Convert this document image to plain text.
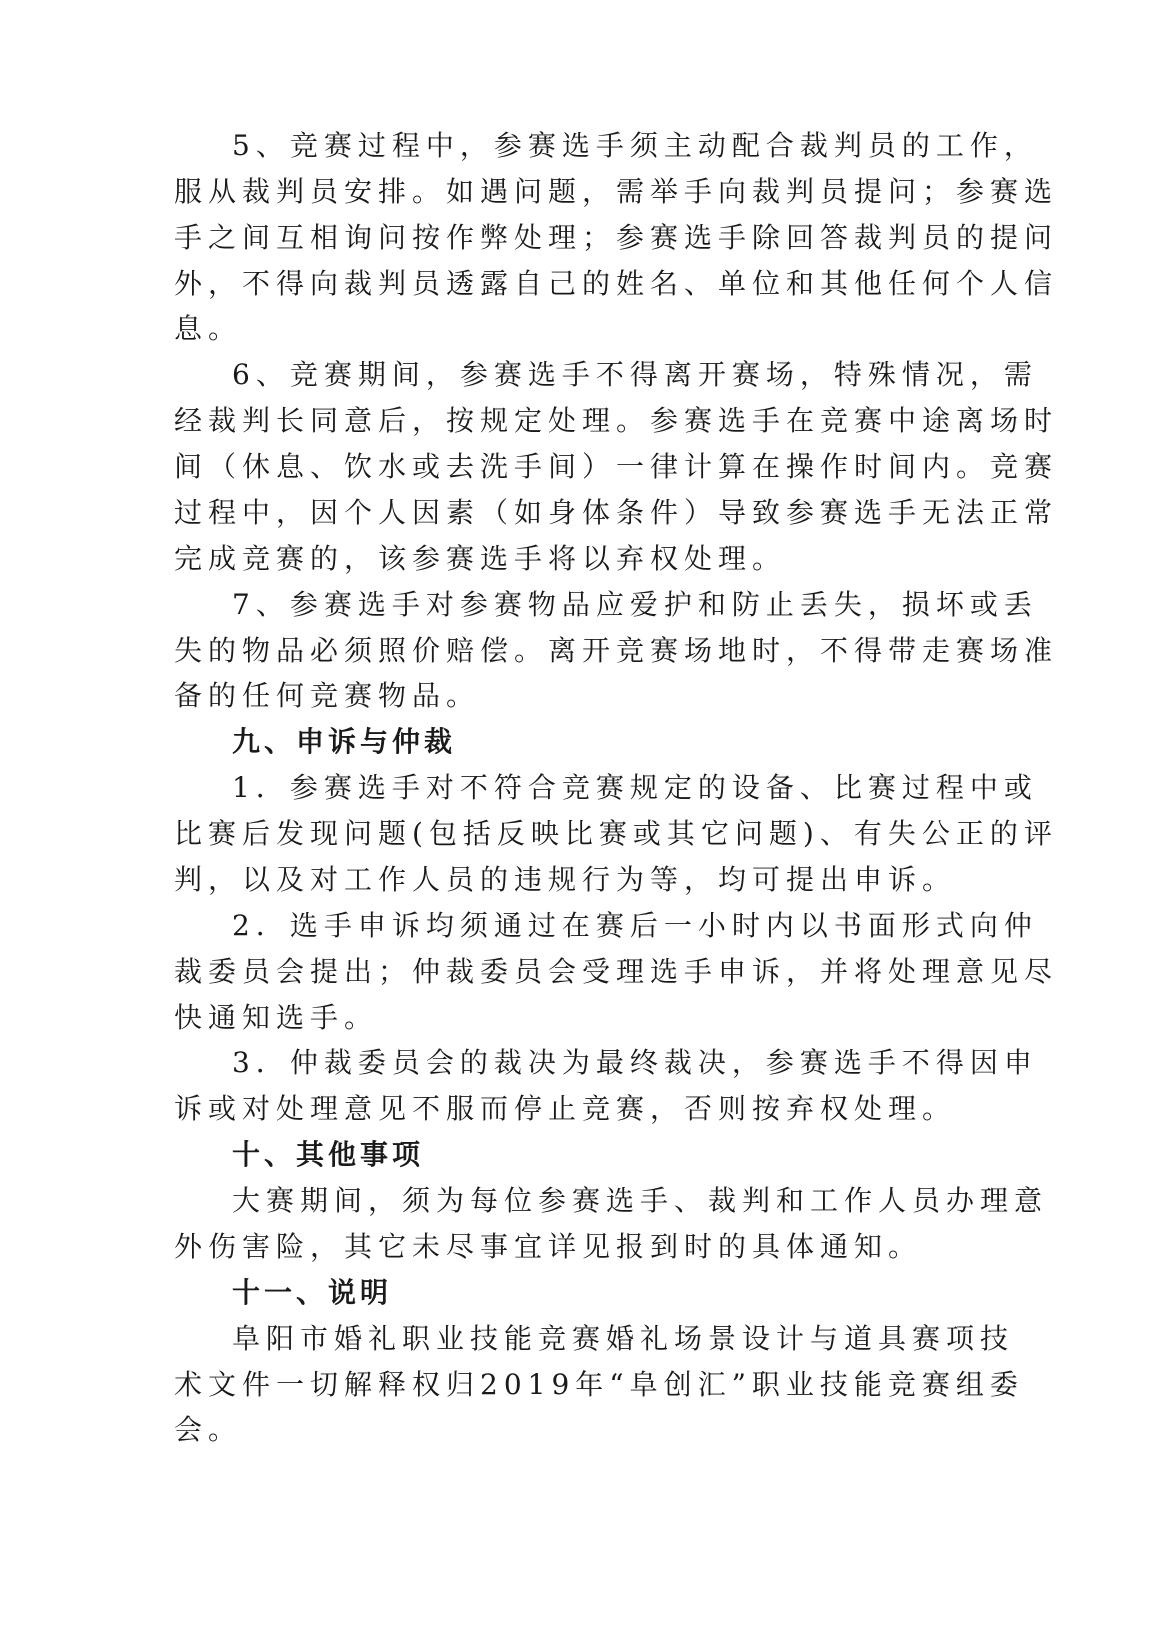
5、竞赛过程中，参赛选手须主动配合裁判员的工作，
服从裁判员安排。如遇问题，需举手向裁判员提问；参赛选
手之间互相询问按作弊处理；参赛选手除回答裁判员的提问
外，不得向裁判员透露自己的姓名、单位和其他任何个人信
息。
6、竞赛期间，参赛选手不得离开赛场，特殊情况，需
经裁判长同意后，按规定处理。参赛选手在竞赛中途离场时
间（休息、饮水或去洗手间）一律计算在操作时间内。竞赛
过程中，因个人因素（如身体条件）导致参赛选手无法正常
完成竞赛的，该参赛选手将以弃权处理。
7、参赛选手对参赛物品应爱护和防止丢失，损坏或丢
失的物品必须照价赔偿。离开竞赛场地时，不得带走赛场准
备的任何竞赛物品。
九、申诉与仲裁
1．参赛选手对不符合竞赛规定的设备、比赛过程中或
比赛后发现问题(包括反映比赛或其它问题)、有失公正的评
判，以及对工作人员的违规行为等，均可提出申诉。
2．选手申诉均须通过在赛后一小时内以书面形式向仲
裁委员会提出；仲裁委员会受理选手申诉，并将处理意见尽
快通知选手。
3．仲裁委员会的裁决为最终裁决，参赛选手不得因申
诉或对处理意见不服而停止竞赛，否则按弃权处理。
十、其他事项
大赛期间，须为每位参赛选手、裁判和工作人员办理意
外伤害险，其它未尽事宜详见报到时的具体通知。
十一、说明
阜阳市婚礼职业技能竞赛婚礼场景设计与道具赛项技
术文件一切解释权归2019年“阜创汇”职业技能竞赛组委
会。
